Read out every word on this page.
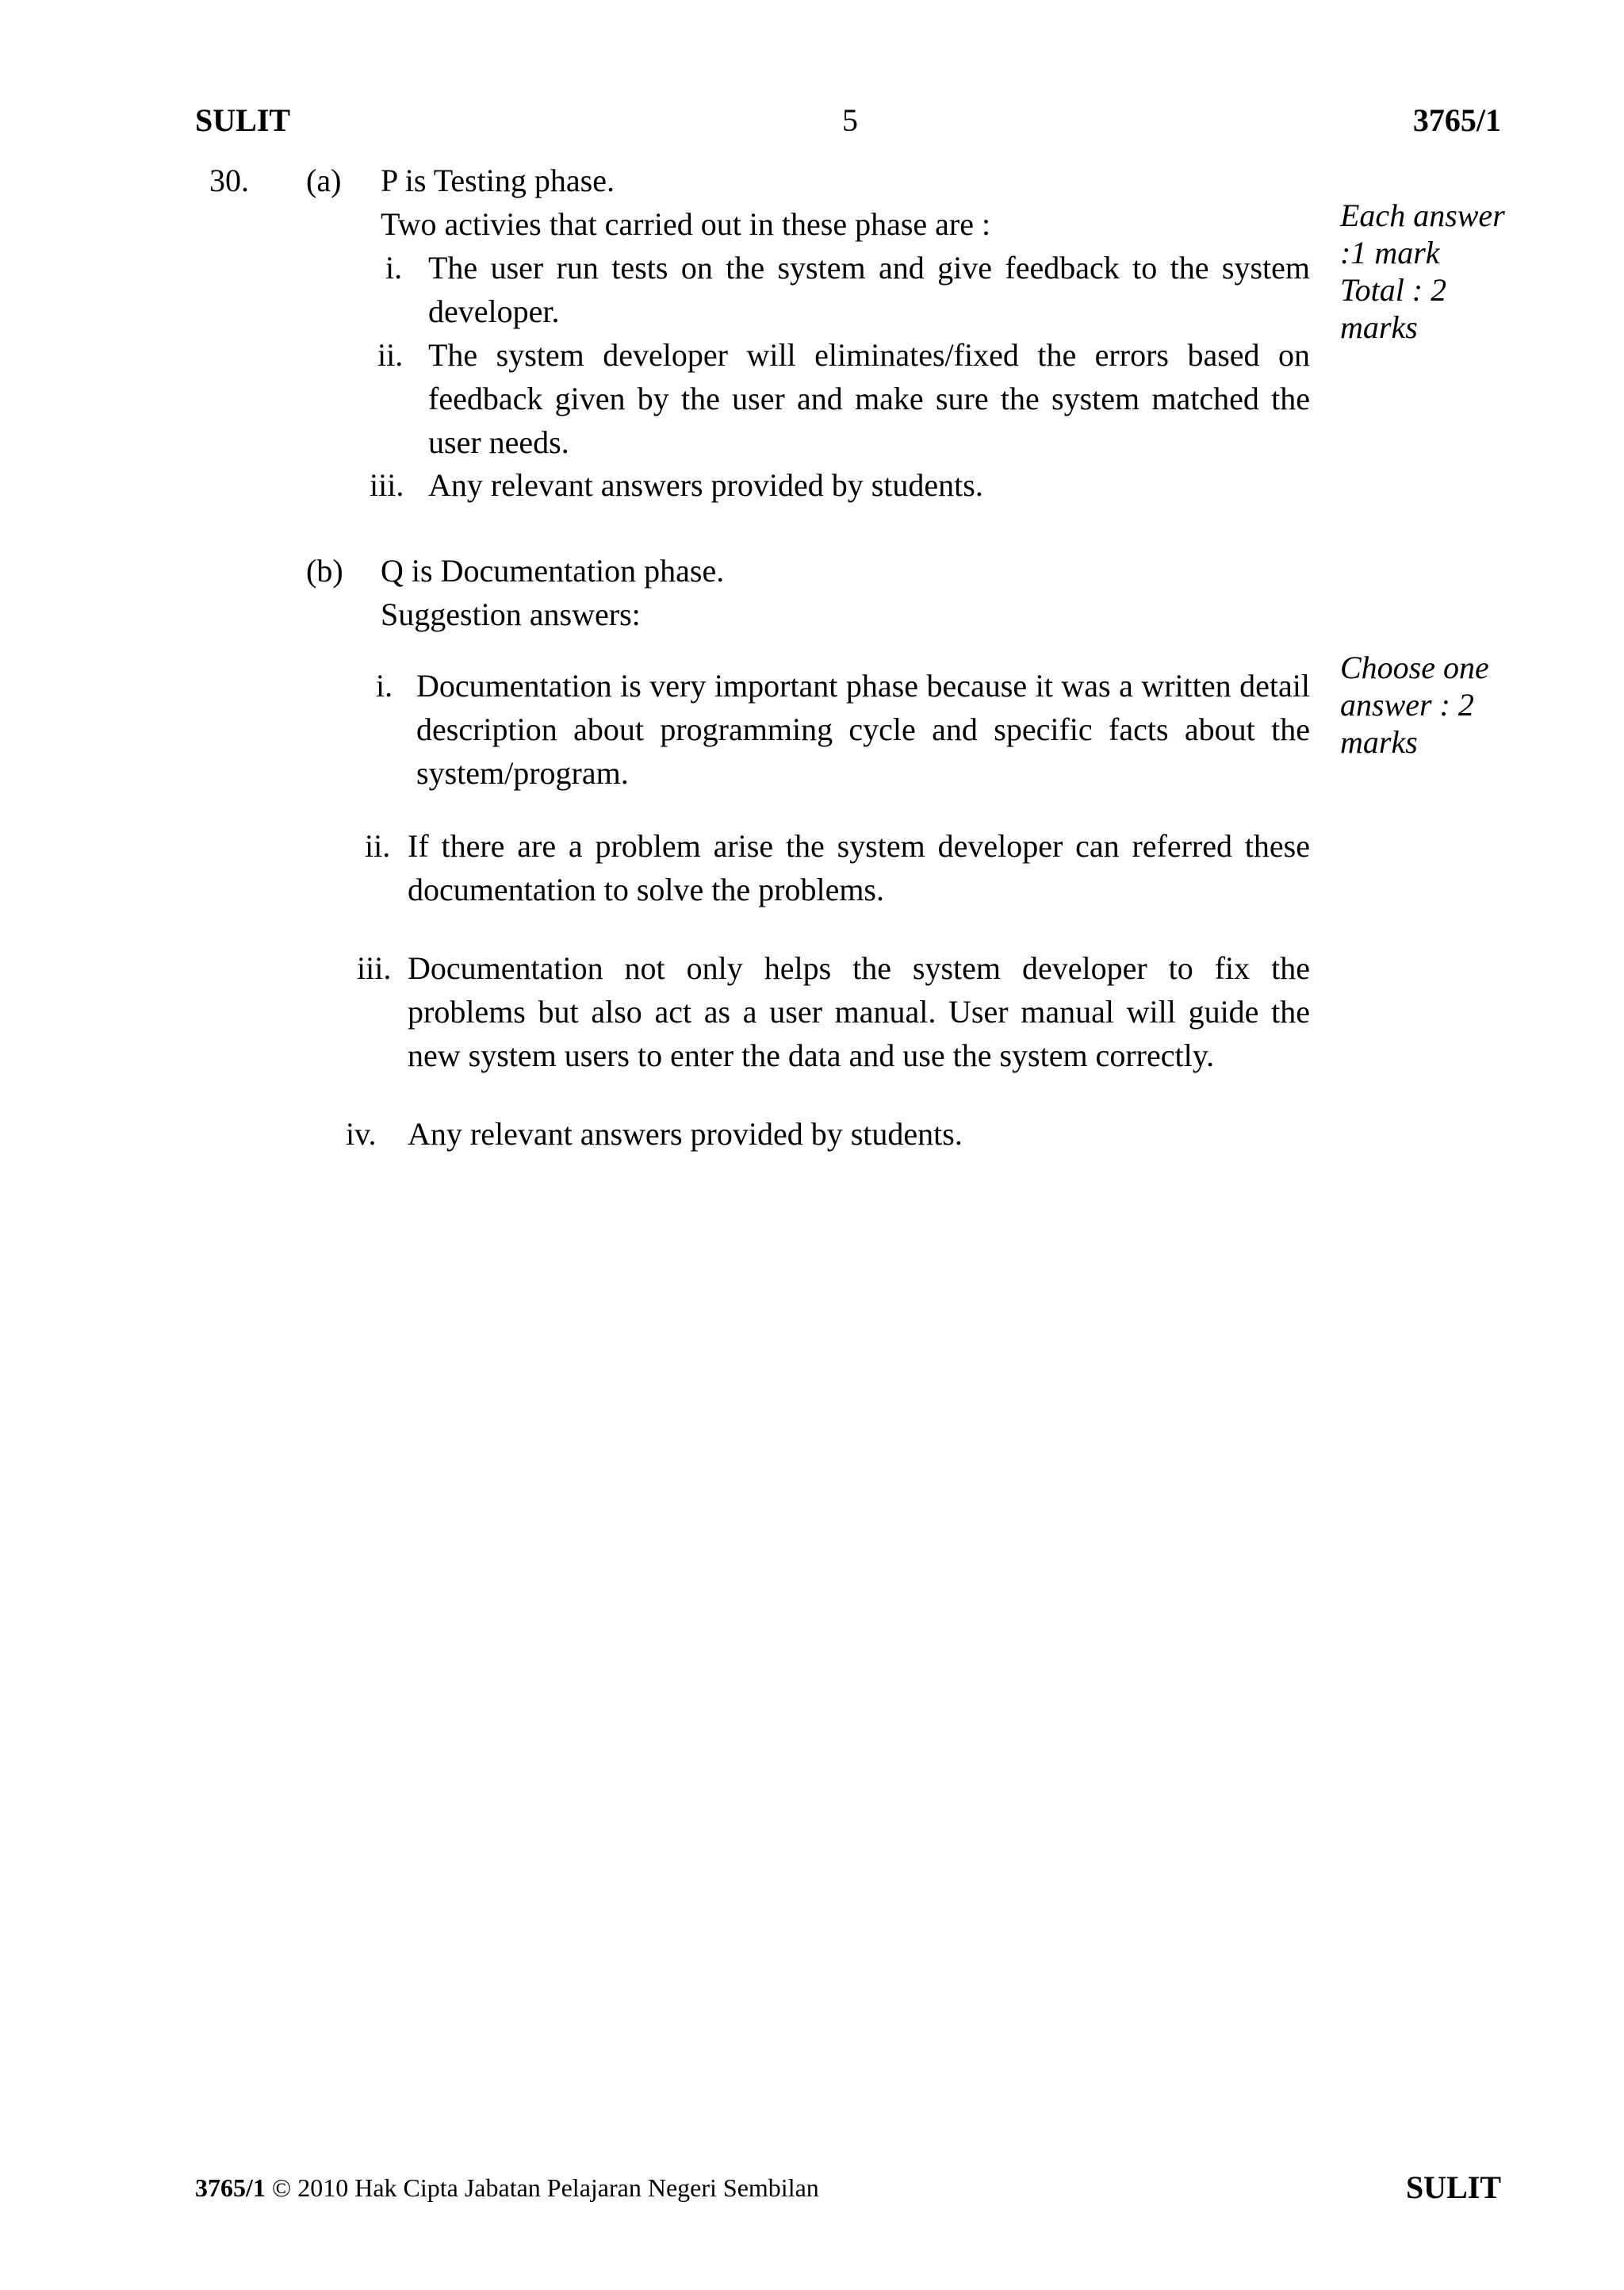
SULIT	5	3765/1
30. (a) P is Testing phase.
Two activies that carried out in these phase are :
i. The user run tests on the system and give feedback to the system developer.
ii. The system developer will eliminates/fixed the errors based on feedback given by the user and make sure the system matched the user needs.
iii. Any relevant answers provided by students.
Each answer
:1 mark
Total : 2
marks
(b) Q is Documentation phase.
Suggestion answers:
i. Documentation is very important phase because it was a written detail description about programming cycle and specific facts about the system/program.
ii. If there are a problem arise the system developer can referred these documentation to solve the problems.
iii. Documentation not only helps the system developer to fix the problems but also act as a user manual. User manual will guide the new system users to enter the data and use the system correctly.
iv. Any relevant answers provided by students.
Choose one
answer : 2
marks
3765/1 © 2010 Hak Cipta Jabatan Pelajaran Negeri Sembilan	SULIT
